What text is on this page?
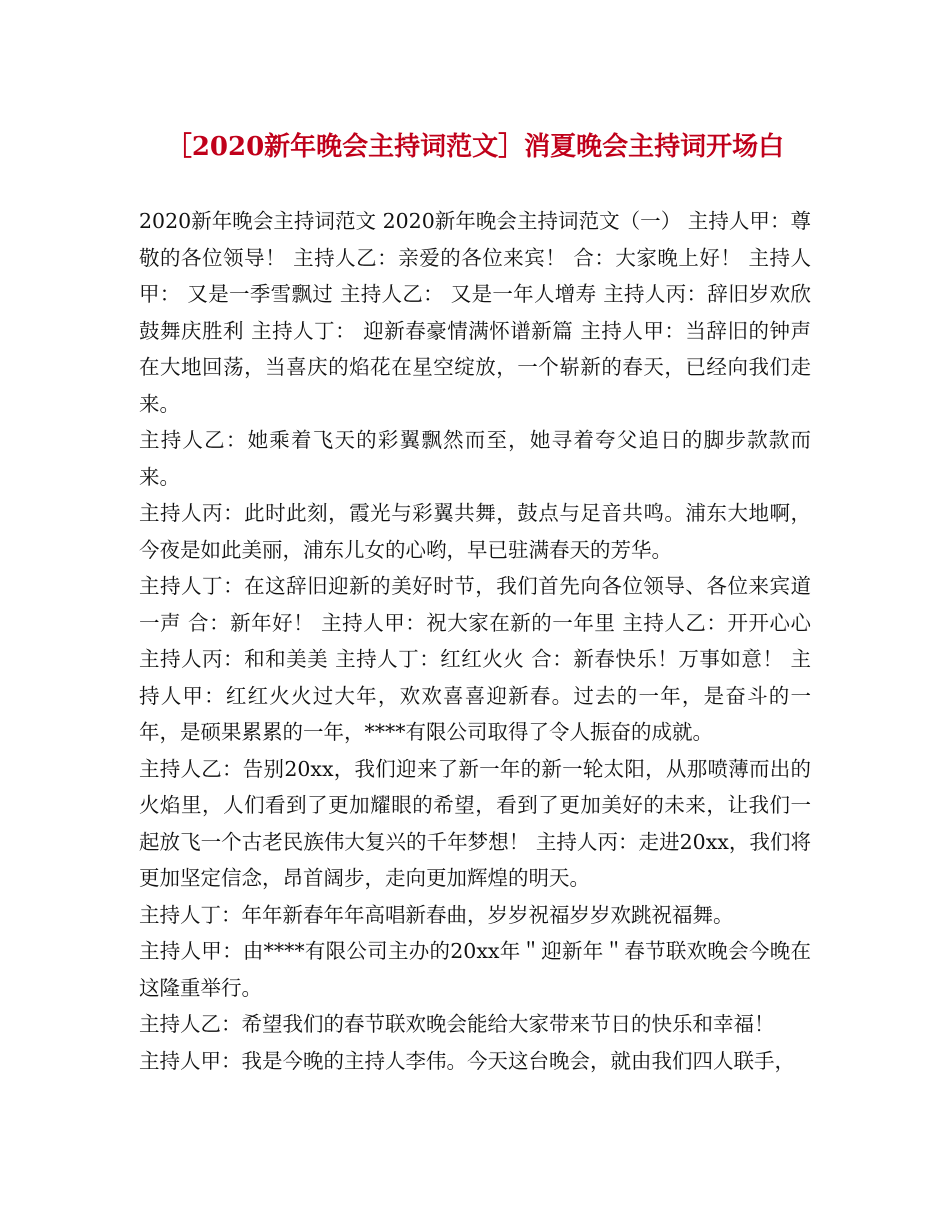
［2020新年晚会主持词范文］消夏晚会主持词开场白

2020新年晚会主持词范文 2020新年晚会主持词范文（一） 主持人甲：尊敬的各位领导！ 主持人乙：亲爱的各位来宾！ 合：大家晚上好！ 主持人甲： 又是一季雪飘过 主持人乙： 又是一年人增寿 主持人丙：辞旧岁欢欣鼓舞庆胜利 主持人丁： 迎新春豪情满怀谱新篇 主持人甲：当辞旧的钟声在大地回荡，当喜庆的焰花在星空绽放，一个崭新的春天，已经向我们走来。

主持人乙：她乘着飞天的彩翼飘然而至，她寻着夸父追日的脚步款款而来。

主持人丙：此时此刻，霞光与彩翼共舞，鼓点与足音共鸣。浦东大地啊，今夜是如此美丽，浦东儿女的心哟，早已驻满春天的芳华。

主持人丁：在这辞旧迎新的美好时节，我们首先向各位领导、各位来宾道一声 合：新年好！ 主持人甲：祝大家在新的一年里 主持人乙：开开心心 主持人丙：和和美美 主持人丁：红红火火 合：新春快乐！万事如意！ 主持人甲：红红火火过大年，欢欢喜喜迎新春。过去的一年，是奋斗的一年，是硕果累累的一年，****有限公司取得了令人振奋的成就。

主持人乙：告别20xx，我们迎来了新一年的新一轮太阳，从那喷薄而出的火焰里，人们看到了更加耀眼的希望，看到了更加美好的未来，让我们一起放飞一个古老民族伟大复兴的千年梦想！ 主持人丙：走进20xx，我们将更加坚定信念，昂首阔步，走向更加辉煌的明天。

主持人丁：年年新春年年高唱新春曲，岁岁祝福岁岁欢跳祝福舞。

主持人甲：由****有限公司主办的20xx年＂迎新年＂春节联欢晚会今晚在这隆重举行。

主持人乙：希望我们的春节联欢晚会能给大家带来节日的快乐和幸福！

主持人甲：我是今晚的主持人李伟。今天这台晚会，就由我们四人联手，
